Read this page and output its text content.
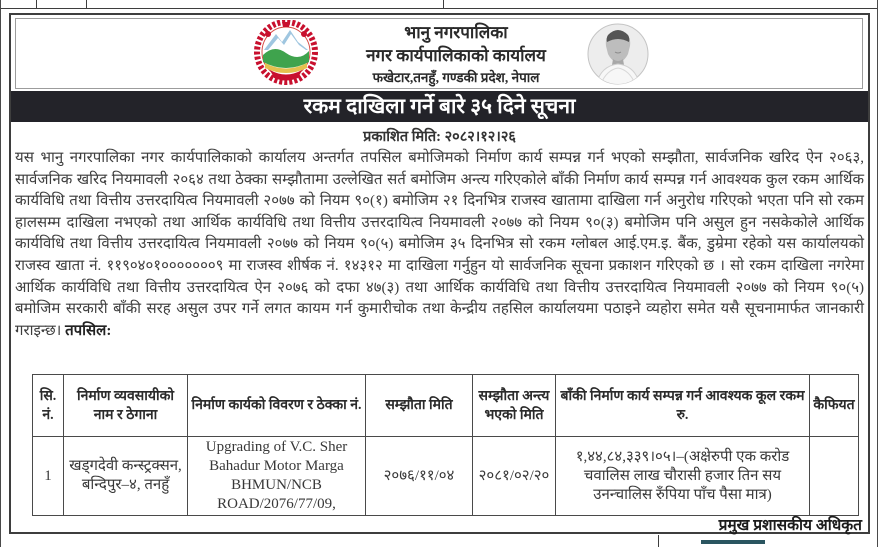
भानु नगरपालिका
नगर कार्यपालिकाको कार्यालय
फखेटार,तनहुँ, गण्डकी प्रदेश, नेपाल
रकम दाखिला गर्ने बारे ३५ दिने सूचना
प्रकाशित मिति: २०८२।१२।२६
यस भानु नगरपालिका नगर कार्यपालिकाको कार्यालय अन्तर्गत तपसिल बमोजिमको निर्माण कार्य सम्पन्न गर्न भएको सम्झौता, सार्वजनिक खरिद ऐन २०६३, सार्वजनिक खरिद नियमावली २०६४ तथा ठेक्का सम्झौतामा उल्लेखित सर्त बमोजिम अन्त्य गरिएकोले बाँकी निर्माण कार्य सम्पन्न गर्न आवश्यक कुल रकम आर्थिक कार्यविधि तथा वित्तीय उत्तरदायित्व नियमावली २०७७ को नियम ९०(१) बमोजिम २१ दिनभित्र राजस्व खातामा दाखिला गर्न अनुरोध गरिएको भएता पनि सो रकम हालसम्म दाखिला नभएको तथा आर्थिक कार्यविधि तथा वित्तीय उत्तरदायित्व नियमावली २०७७ को नियम ९०(३) बमोजिम पनि असुल हुन नसकेकोले आर्थिक कार्यविधि तथा वित्तीय उत्तरदायित्व नियमावली २०७७ को नियम ९०(५) बमोजिम ३५ दिनभित्र सो रकम ग्लोबल आई.एम.इ. बैंक, डुम्रेमा रहेको यस कार्यालयको राजस्व खाता नं. ११९०४०१०००००००९ मा राजस्व शीर्षक नं. १४३१२ मा दाखिला गर्नुहुन यो सार्वजनिक सूचना प्रकाशन गरिएको छ । सो रकम दाखिला नगरेमा आर्थिक कार्यविधि तथा वित्तीय उत्तरदायित्व ऐन २०७६ को दफा ४७(३) तथा आर्थिक कार्यविधि तथा वित्तीय उत्तरदायित्व नियमावली २०७७ को नियम ९०(५) बमोजिम सरकारी बाँकी सरह असुल उपर गर्ने लगत कायम गर्न कुमारीचोक तथा केन्द्रीय तहसिल कार्यालयमा पठाइने व्यहोरा समेत यसै सूचनामार्फत जानकारी गराइन्छ। तपसिल:
सि. नं.	निर्माण व्यवसायीको नाम र ठेगाना	निर्माण कार्यको विवरण र ठेक्का नं.	सम्झौता मिति	सम्झौता अन्त्य भएको मिति	बाँकी निर्माण कार्य सम्पन्न गर्न आवश्यक कूल रकम रु.	कैफियत
1	खड्गदेवी कन्स्ट्रक्सन, बन्दिपुर–४, तनहुँ	Upgrading of V.C. Sher Bahadur Motor Marga BHMUN/NCB ROAD/2076/77/09,	२०७६/११/०४	२०८१/०२/२०	१,४४,८४,३३९।०५।–(अक्षेरुपी एक करोड चवालिस लाख चौरासी हजार तिन सय उनन्चालिस रुँपिया पाँच पैसा मात्र)	
प्रमुख प्रशासकीय अधिकृत
